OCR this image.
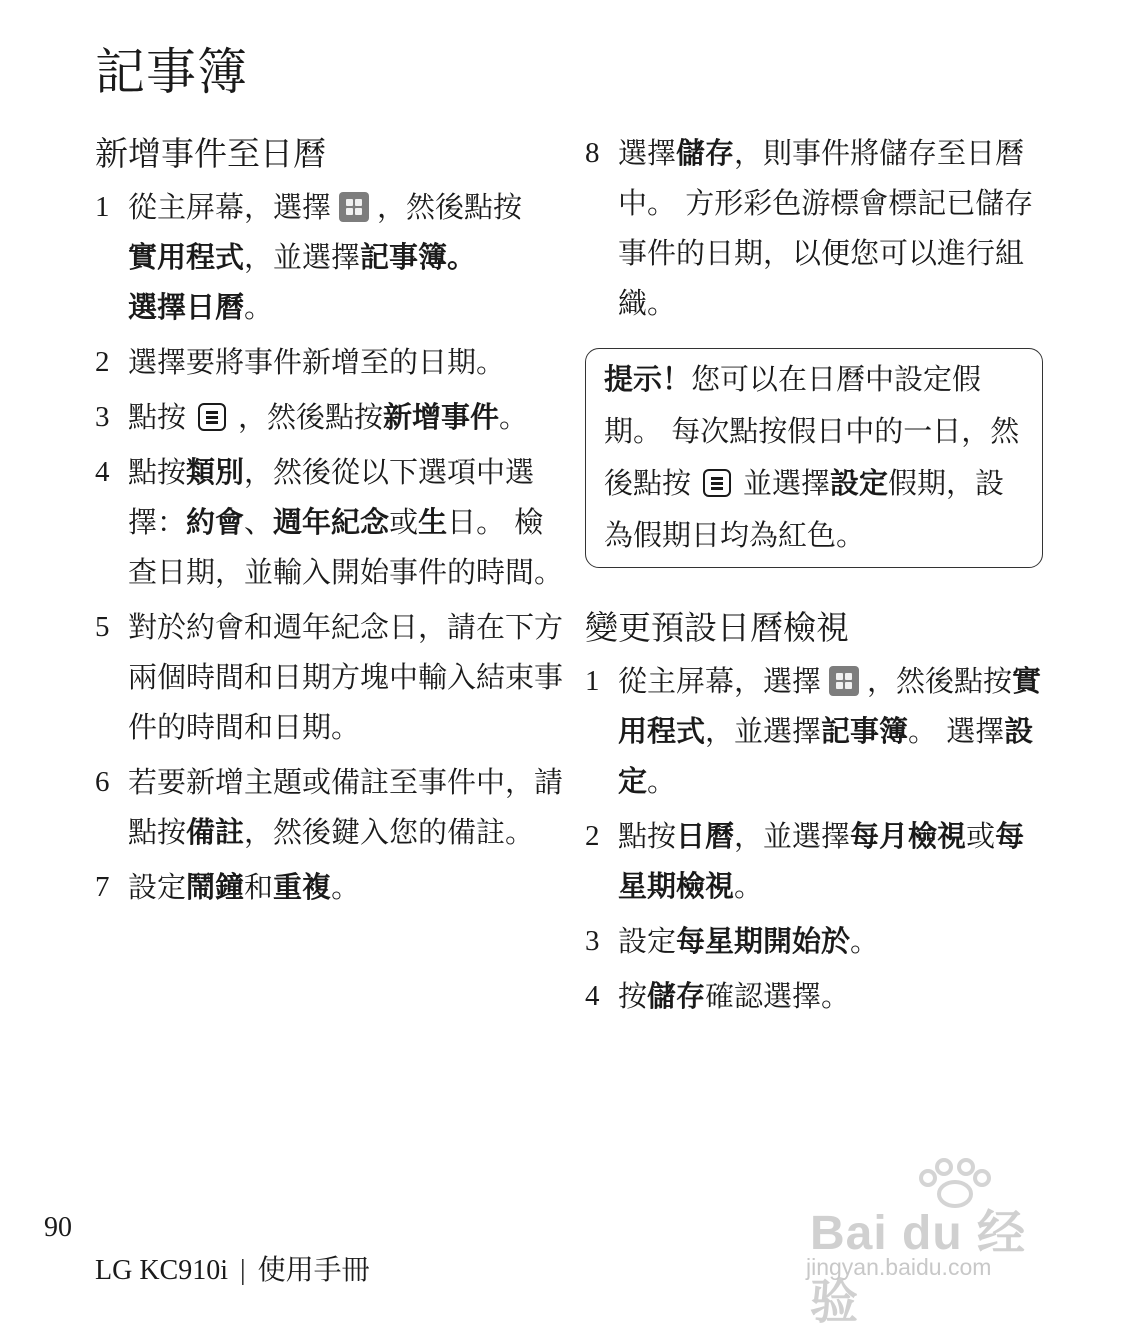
記事簿
新增事件至日曆
1 從主屏幕，選擇 ，然後點按
實用程式，並選擇記事簿。
選擇日曆。
2 選擇要將事件新增至的日期。
3 點按 ，然後點按新增事件。
4 點按類別，然後從以下選項中選擇：約會、週年紀念或生日。 檢查日期，並輸入開始事件的時間。
5 對於約會和週年紀念日，請在下方兩個時間和日期方塊中輸入結束事件的時間和日期。
6 若要新增主題或備註至事件中，請點按備註，然後鍵入您的備註。
7 設定鬧鐘和重複。
8 選擇儲存，則事件將儲存至日曆中。 方形彩色游標會標記已儲存事件的日期，以便您可以進行組織。
提示！您可以在日曆中設定假期。 每次點按假日中的一日，然後點按 並選擇設定假期，設為假期日均為紅色。
變更預設日曆檢視
1 從主屏幕，選擇 ，然後點按實用程式，並選擇記事簿。 選擇設定。
2 點按日曆，並選擇每月檢視或每星期檢視。
3 設定每星期開始於。
4 按儲存確認選擇。
90
LG KC910i | 使用手冊
Bai du 经验
jingyan.baidu.com
